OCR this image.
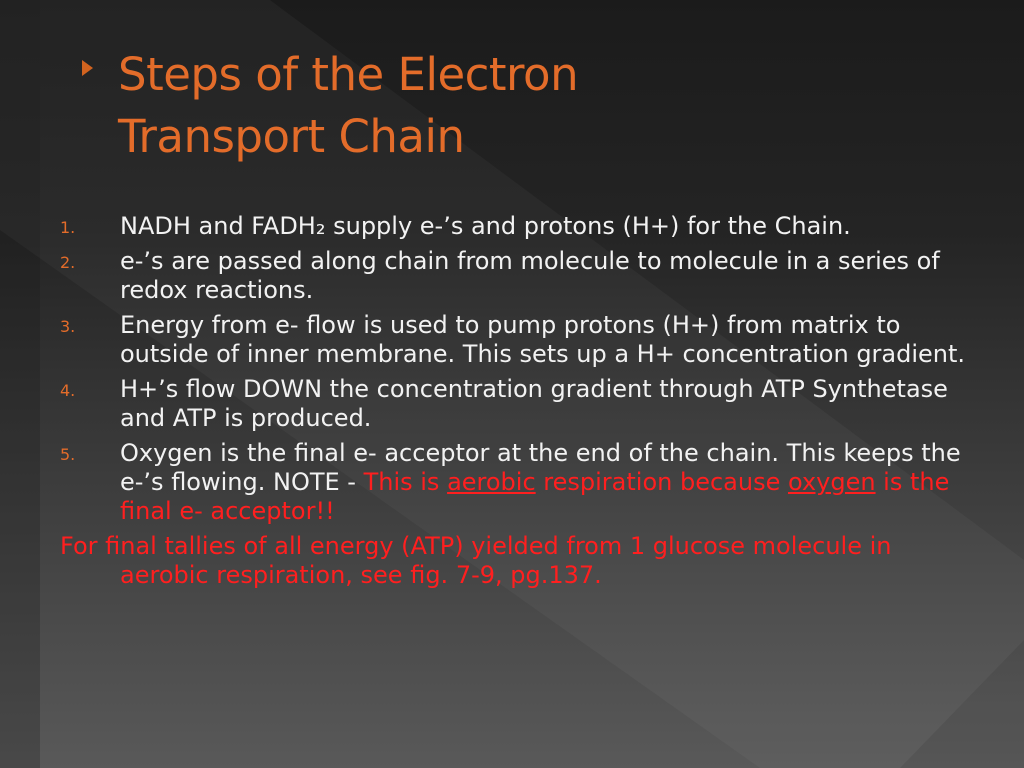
Steps of the Electron
Transport Chain
1. NADH and FADH₂ supply e-’s and protons (H+) for the Chain.
2. e-’s are passed along chain from molecule to molecule in a series of redox reactions.
3. Energy from e- flow is used to pump protons (H+) from matrix to outside of inner membrane. This sets up a H+ concentration gradient.
4. H+’s flow DOWN the concentration gradient through ATP Synthetase and ATP is produced.
5. Oxygen is the final e- acceptor at the end of the chain. This keeps the e-’s flowing. NOTE - This is aerobic respiration because oxygen is the final e- acceptor!!
For final tallies of all energy (ATP) yielded from 1 glucose molecule in aerobic respiration, see fig. 7-9, pg.137.
